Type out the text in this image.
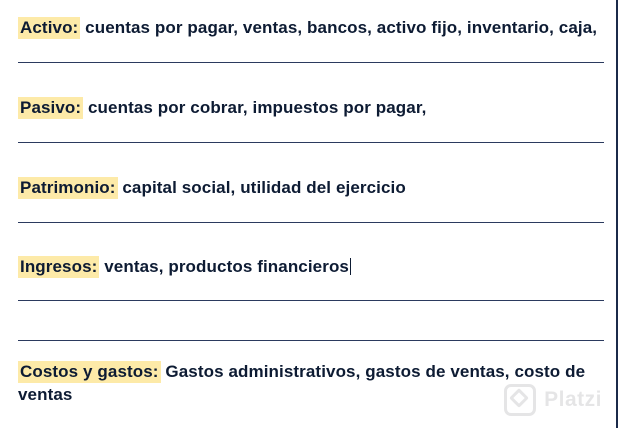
Activo: cuentas por pagar, ventas, bancos, activo fijo, inventario, caja,
Pasivo: cuentas por cobrar, impuestos por pagar,
Patrimonio: capital social, utilidad del ejercicio
Ingresos: ventas, productos financieros
Costos y gastos: Gastos administrativos, gastos de ventas, costo de ventas	Platzi
